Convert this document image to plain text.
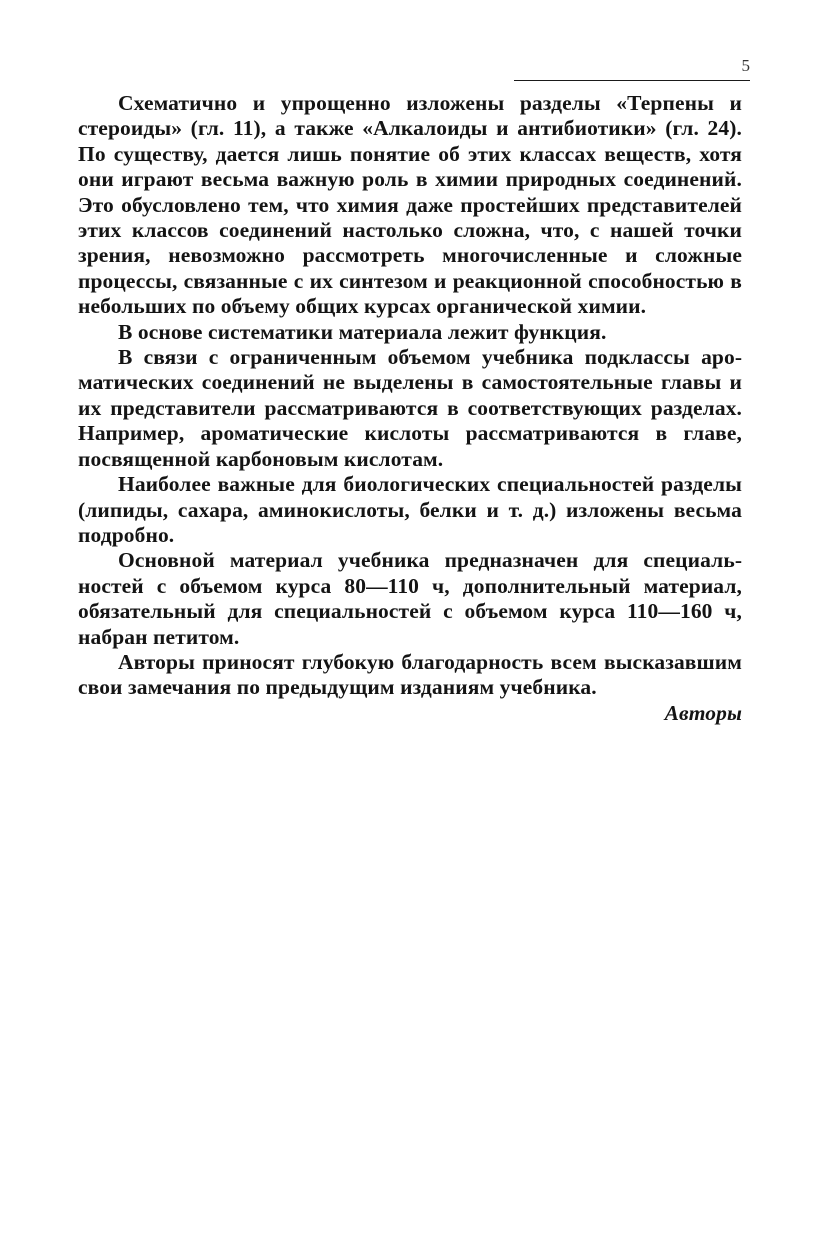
5

Схематично и упрощенно изложены разделы «Терпены и стероиды» (гл. 11), а также «Алкалоиды и антибиотики» (гл. 24). По существу, дается лишь понятие об этих классах веществ, хотя они играют весьма важную роль в химии природных соединений. Это обусловлено тем, что химия даже простейших представителей этих классов соединений настолько сложна, что, с нашей точки зрения, невозможно рассмотреть многочисленные и сложные процессы, связанные с их синтезом и реакционной способностью в небольших по объему общих курсах органической химии.

В основе систематики материала лежит функция.

В связи с ограниченным объемом учебника подклассы ароматических соединений не выделены в самостоятельные главы и их представители рассматриваются в соответствующих разделах. Например, ароматические кислоты рассматриваются в главе, посвященной карбоновым кислотам.

Наиболее важные для биологических специальностей разделы (липиды, сахара, аминокислоты, белки и т. д.) изложены весьма подробно.

Основной материал учебника предназначен для специальностей с объемом курса 80—110 ч, дополнительный материал, обязательный для специальностей с объемом курса 110—160 ч, набран петитом.

Авторы приносят глубокую благодарность всем высказавшим свои замечания по предыдущим изданиям учебника.

Авторы
